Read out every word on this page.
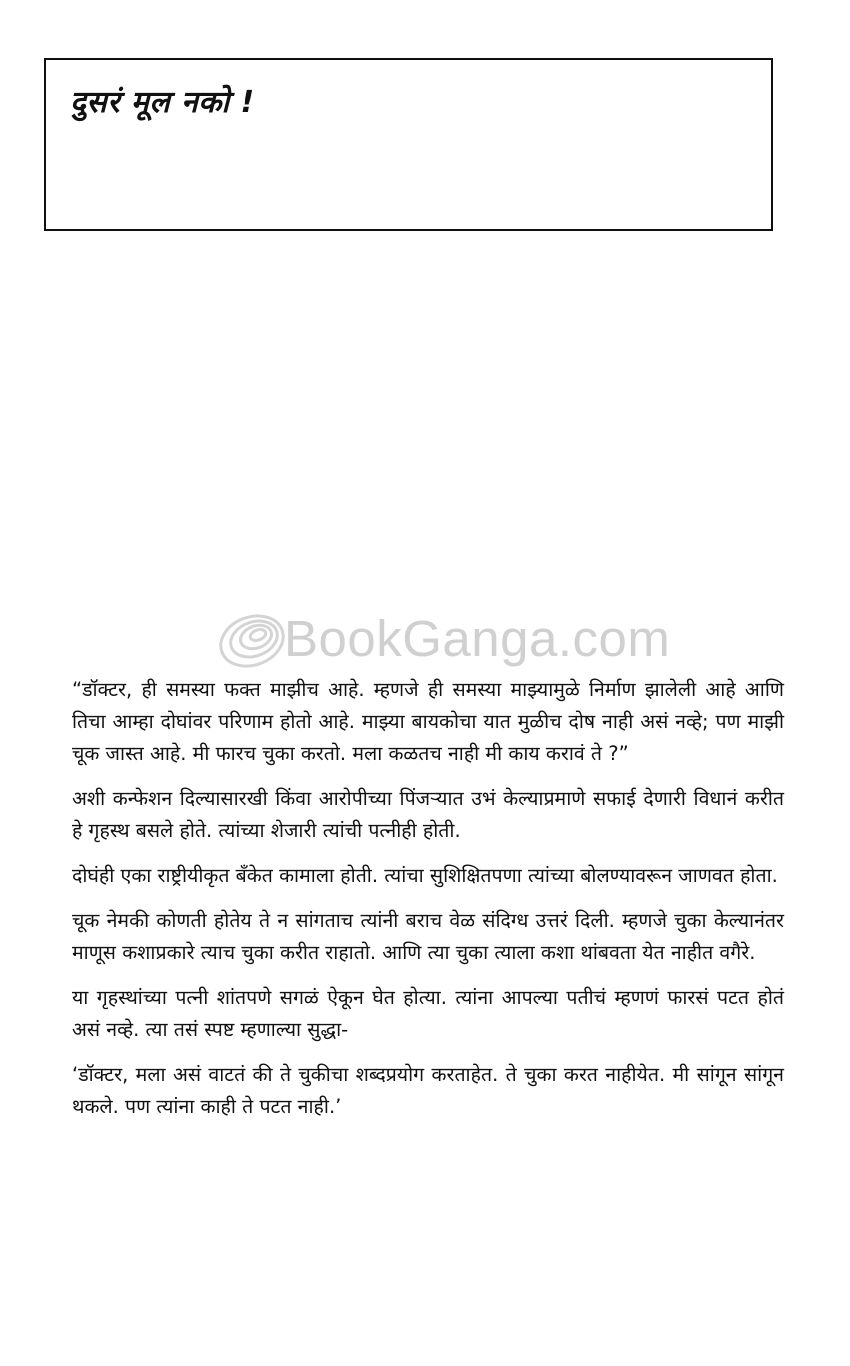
दुसरं मूल नको !
BookGanga.com

“डॉक्टर, ही समस्या फक्त माझीच आहे. म्हणजे ही समस्या माझ्यामुळे निर्माण झालेली आहे आणि तिचा आम्हा दोघांवर परिणाम होतो आहे. माझ्या बायकोचा यात मुळीच दोष नाही असं नव्हे; पण माझी चूक जास्त आहे. मी फारच चुका करतो. मला कळतच नाही मी काय करावं ते ?”

अशी कन्फेशन दिल्यासारखी किंवा आरोपीच्या पिंजऱ्यात उभं केल्याप्रमाणे सफाई देणारी विधानं करीत हे गृहस्थ बसले होते. त्यांच्या शेजारी त्यांची पत्नीही होती.

दोघंही एका राष्ट्रीयीकृत बँकेत कामाला होती. त्यांचा सुशिक्षितपणा त्यांच्या बोलण्यावरून जाणवत होता.

चूक नेमकी कोणती होतेय ते न सांगताच त्यांनी बराच वेळ संदिग्ध उत्तरं दिली. म्हणजे चुका केल्यानंतर माणूस कशाप्रकारे त्याच चुका करीत राहातो. आणि त्या चुका त्याला कशा थांबवता येत नाहीत वगैरे.

या गृहस्थांच्या पत्नी शांतपणे सगळं ऐकून घेत होत्या. त्यांना आपल्या पतीचं म्हणणं फारसं पटत होतं असं नव्हे. त्या तसं स्पष्ट म्हणाल्या सुद्धा-

‘डॉक्टर, मला असं वाटतं की ते चुकीचा शब्दप्रयोग करताहेत. ते चुका करत नाहीयेत. मी सांगून सांगून थकले. पण त्यांना काही ते पटत नाही.’
